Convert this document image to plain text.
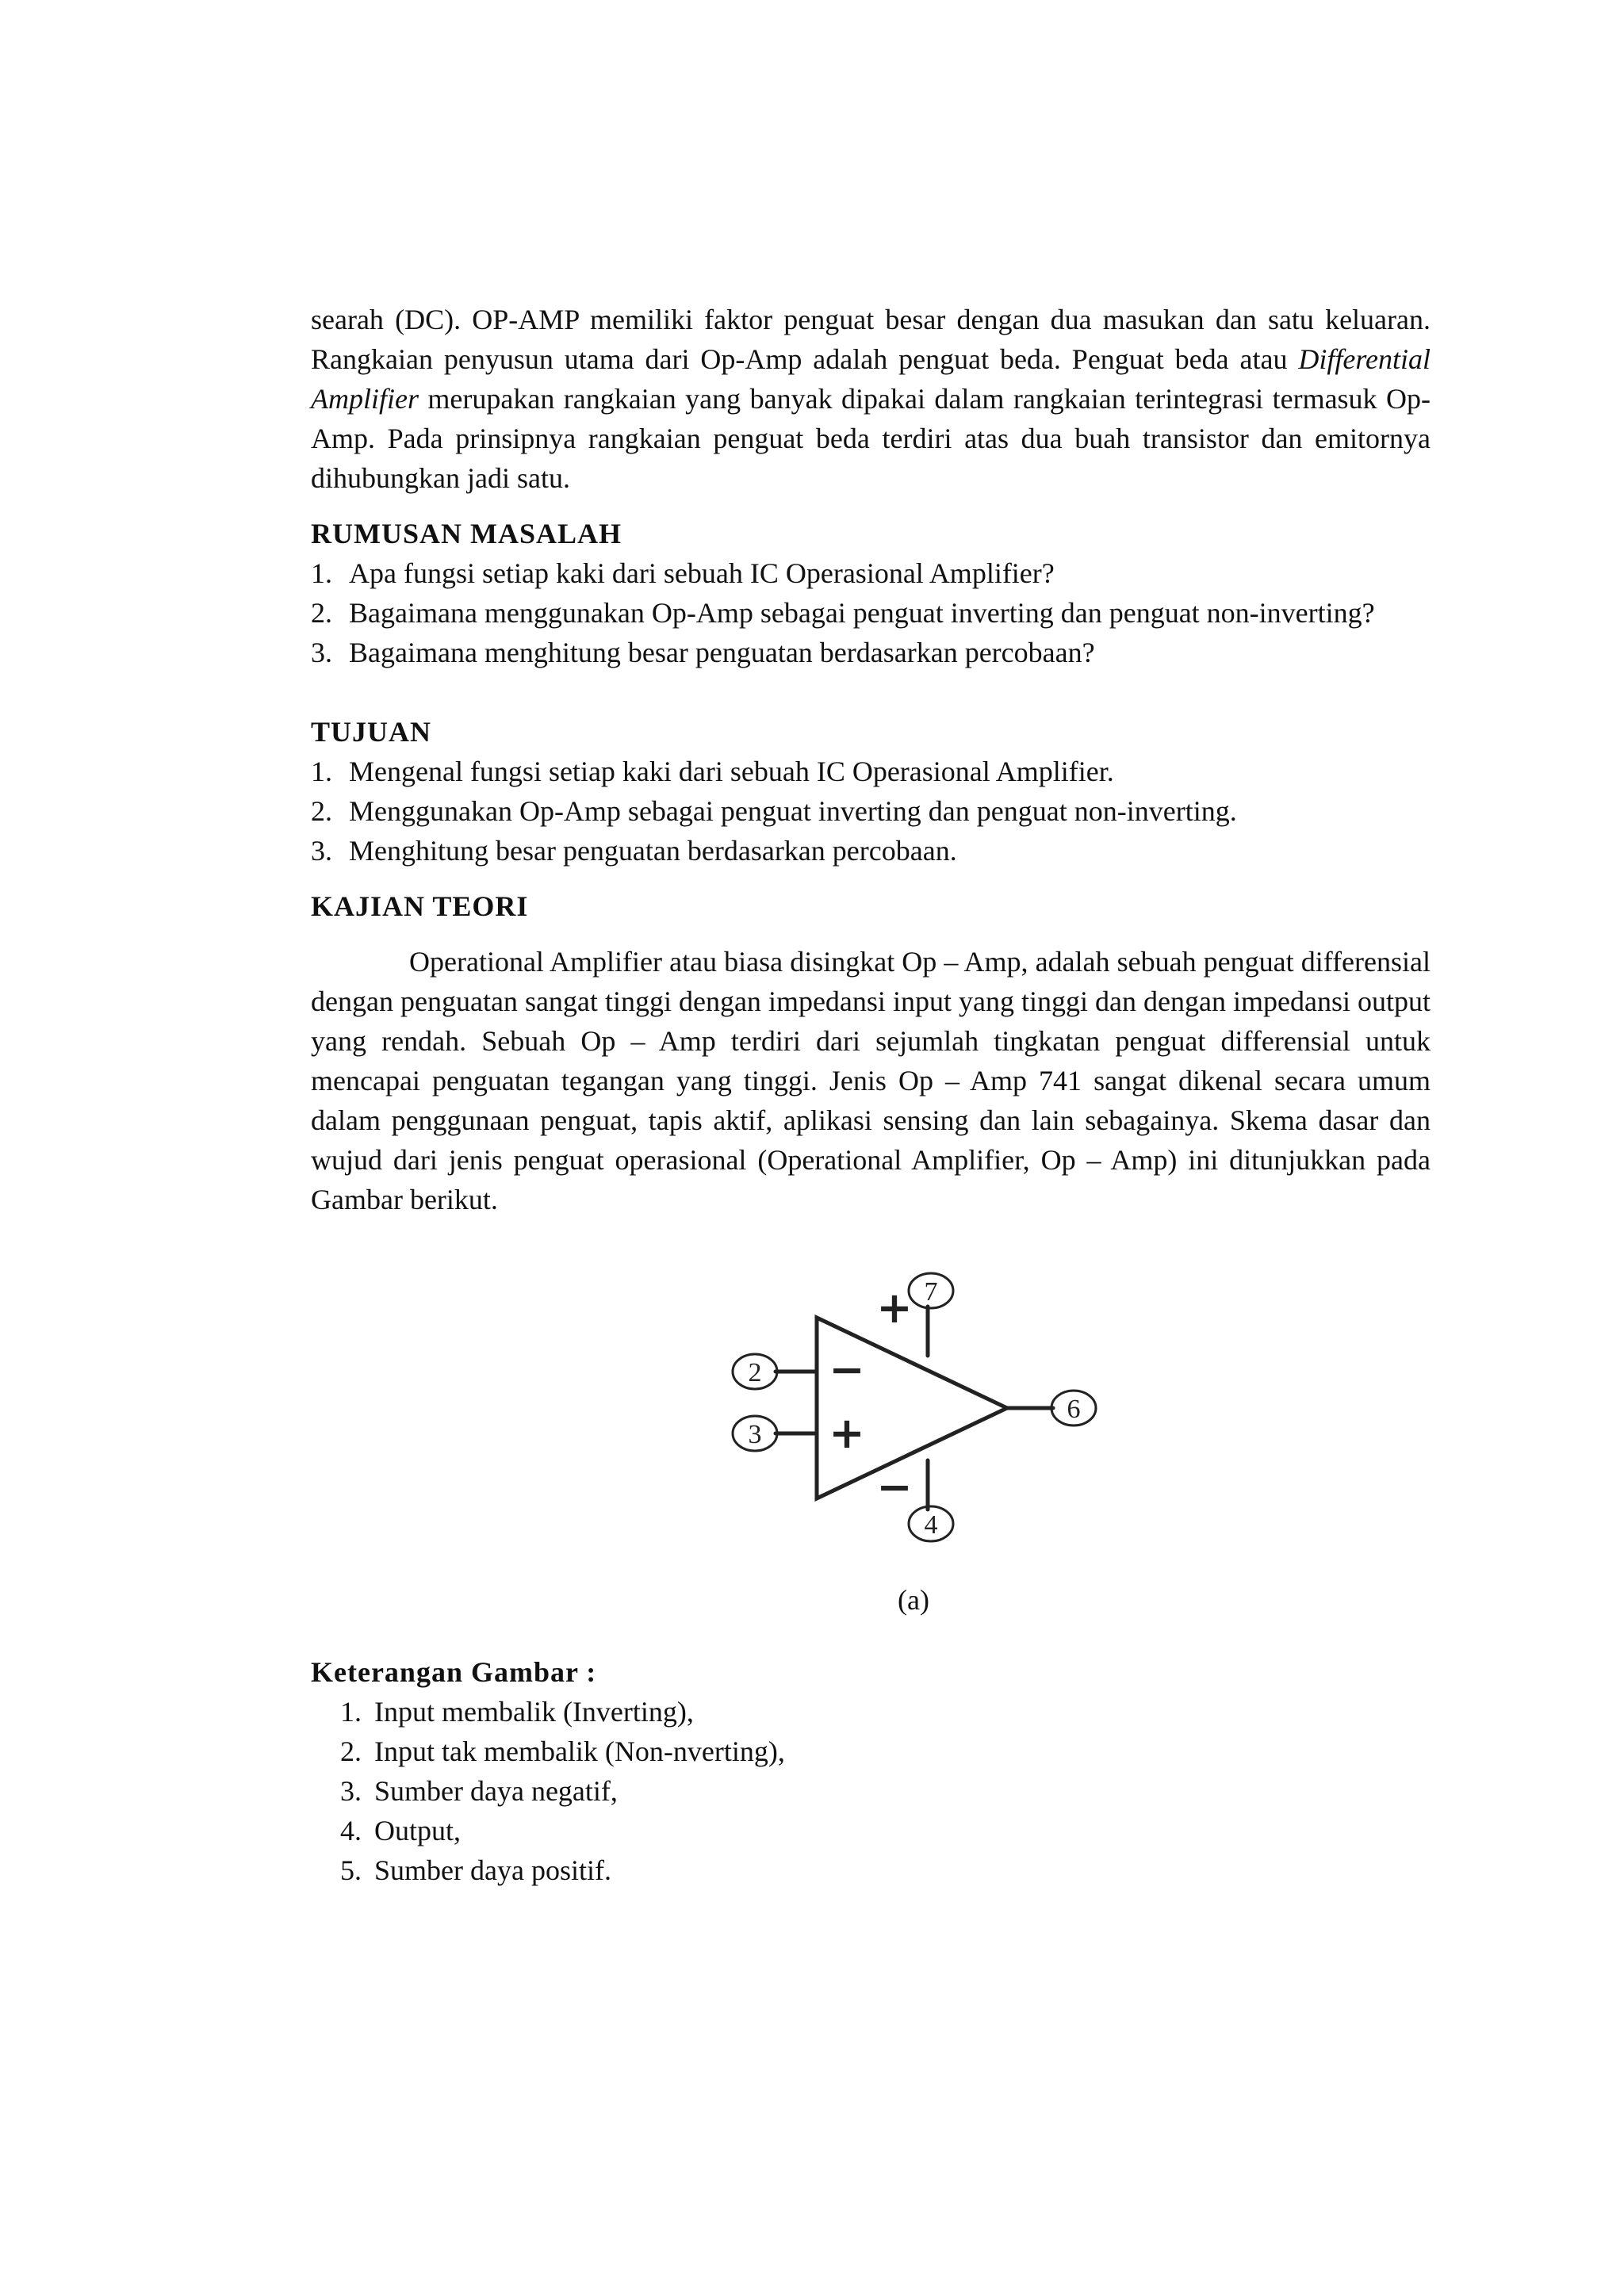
searah (DC). OP-AMP memiliki faktor penguat besar dengan dua masukan dan satu keluaran. Rangkaian penyusun utama dari Op-Amp adalah penguat beda. Penguat beda atau Differential Amplifier merupakan rangkaian yang banyak dipakai dalam rangkaian terintegrasi termasuk Op-Amp. Pada prinsipnya rangkaian penguat beda terdiri atas dua buah transistor dan emitornya dihubungkan jadi satu.

RUMUSAN MASALAH
1. Apa fungsi setiap kaki dari sebuah IC Operasional Amplifier?
2. Bagaimana menggunakan Op-Amp sebagai penguat inverting dan penguat non-inverting?
3. Bagaimana menghitung besar penguatan berdasarkan percobaan?
TUJUAN
1. Mengenal fungsi setiap kaki dari sebuah IC Operasional Amplifier.
2. Menggunakan Op-Amp sebagai penguat inverting dan penguat non-inverting.
3. Menghitung besar penguatan berdasarkan percobaan.
KAJIAN TEORI

Operational Amplifier atau biasa disingkat Op – Amp, adalah sebuah penguat differensial dengan penguatan sangat tinggi dengan impedansi input yang tinggi dan dengan impedansi output yang rendah. Sebuah Op – Amp terdiri dari sejumlah tingkatan penguat differensial untuk mencapai penguatan tegangan yang tinggi. Jenis Op – Amp 741 sangat dikenal secara umum dalam penggunaan penguat, tapis aktif, aplikasi sensing dan lain sebagainya. Skema dasar dan wujud dari jenis penguat operasional (Operational Amplifier, Op – Amp) ini ditunjukkan pada Gambar berikut.

7
2
3
6
4
+
−
+
−
(a)
Keterangan Gambar :
1. Input membalik (Inverting),
2. Input tak membalik (Non-nverting),
3. Sumber daya negatif,
4. Output,
5. Sumber daya positif.
